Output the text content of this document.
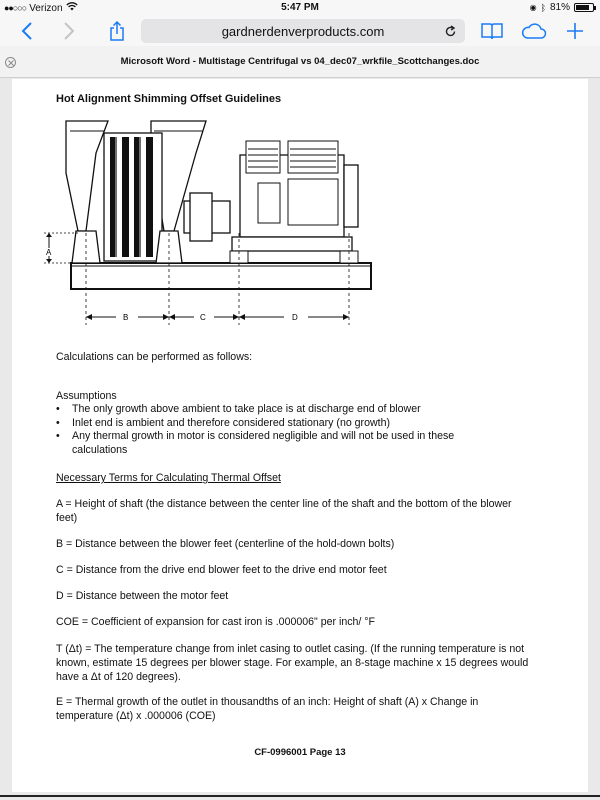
●●○○○ Verizon	5:47 PM	◉ ᛒ 81%
gardnerdenverproducts.com
Microsoft Word - Multistage Centrifugal vs 04_dec07_wrkfile_Scottchanges.doc
Hot Alignment Shimming Offset Guidelines
A
B	C	D
Calculations can be performed as follows:
Assumptions
•	The only growth above ambient to take place is at discharge end of blower
•	Inlet end is ambient and therefore considered stationary (no growth)
•	Any thermal growth in motor is considered negligible and will not be used in these calculations
Necessary Terms for Calculating Thermal Offset
A = Height of shaft (the distance between the center line of the shaft and the bottom of the blower feet)
B = Distance between the blower feet (centerline of the hold-down bolts)
C = Distance from the drive end blower feet to the drive end motor feet
D = Distance between the motor feet
COE = Coefficient of expansion for cast iron is .000006" per inch/ °F
T (Δt) = The temperature change from inlet casing to outlet casing. (If the running temperature is not known, estimate 15 degrees per blower stage. For example, an 8-stage machine x 15 degrees would have a Δt of 120 degrees).
E = Thermal growth of the outlet in thousandths of an inch: Height of shaft (A) x Change in temperature (Δt) x .000006 (COE)
CF-0996001 Page 13
